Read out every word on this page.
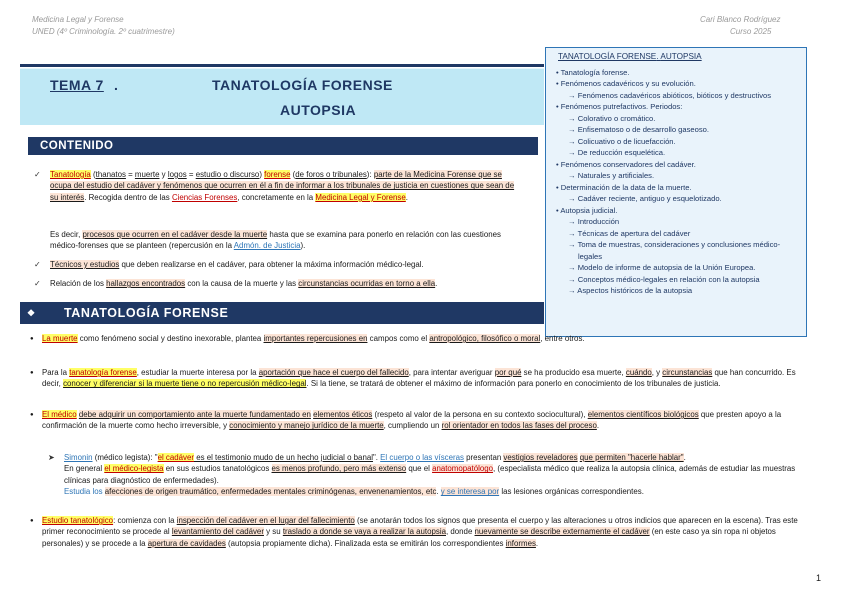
Medicina Legal y Forense
UNED (4º Criminología. 2º cuatrimestre)
Cari Blanco Rodríguez
Curso 2025
TEMA 7 .	TANATOLOGÍA FORENSE
AUTOPSIA
TANATOLOGÍA FORENSE. AUTOPSIA
• Tanatología forense.
• Fenómenos cadavéricos y su evolución.
→ Fenómenos cadavéricos abióticos, bióticos y destructivos
• Fenómenos putrefactivos. Periodos:
→ Colorativo o cromático.
→ Enfisematoso o de desarrollo gaseoso.
→ Colicuativo o de licuefacción.
→ De reducción esquelética.
• Fenómenos conservadores del cadáver.
→ Naturales y artificiales.
• Determinación de la data de la muerte.
→ Cadáver reciente, antiguo y esquelotizado.
• Autopsia judicial.
→ Introducción
→ Técnicas de apertura del cadáver
→ Toma de muestras, consideraciones y conclusiones médico-legales
→ Modelo de informe de autopsia de la Unión Europea.
→ Conceptos médico-legales en relación con la autopsia
→ Aspectos históricos de la autopsia
CONTENIDO
✓ Tanatología (thanatos = muerte y logos = estudio o discurso) forense (de foros o tribunales): parte de la Medicina Forense que se ocupa del estudio del cadáver y fenómenos que ocurren en él a fin de informar a los tribunales de justicia en cuestiones que sean de su interés. Recogida dentro de las Ciencias Forenses, concretamente en la Medicina Legal y Forense.
Es decir, procesos que ocurren en el cadáver desde la muerte hasta que se examina para ponerlo en relación con las cuestiones médico-forenses que se planteen (repercusión en la Admón. de Justicia).
✓ Técnicos y estudios que deben realizarse en el cadáver, para obtener la máxima información médico-legal.
✓ Relación de los hallazgos encontrados con la causa de la muerte y las circunstancias ocurridas en torno a ella.
❖ TANATOLOGÍA FORENSE
● La muerte como fenómeno social y destino inexorable, plantea importantes repercusiones en campos como el antropológico, filosófico o moral, entre otros.
● Para la tanatología forense, estudiar la muerte interesa por la aportación que hace el cuerpo del fallecido, para intentar averiguar por qué se ha producido esa muerte, cuándo, y circunstancias que han concurrido. Es decir, conocer y diferenciar si la muerte tiene o no repercusión médico-legal. Si la tiene, se tratará de obtener el máximo de información para ponerlo en conocimiento de los tribunales de justicia.
● El médico debe adquirir un comportamiento ante la muerte fundamentado en elementos éticos (respeto al valor de la persona en su contexto sociocultural), elementos científicos biológicos que presten apoyo a la confirmación de la muerte como hecho irreversible, y conocimiento y manejo jurídico de la muerte, cumpliendo un rol orientador en todos las fases del proceso.
➤ Simonin (médico legista): "el cadáver es el testimonio mudo de un hecho judicial o banal". El cuerpo o las vísceras presentan vestigios reveladores que permiten "hacerle hablar".
En general el médico-legista en sus estudios tanatológicos es menos profundo, pero más extenso que el anatomopatólogo, (especialista médico que realiza la autopsia clínica, además de estudiar las muestras clínicas para diagnóstico de enfermedades).
Estudia los afecciones de origen traumático, enfermedades mentales criminógenas, envenenamientos, etc. y se interesa por las lesiones orgánicas correspondientes.
● Estudio tanatológico: comienza con la inspección del cadáver en el lugar del fallecimiento (se anotarán todos los signos que presenta el cuerpo y las alteraciones u otros indicios que aparecen en la escena). Tras este primer reconocimiento se procede al levantamiento del cadáver y su traslado a donde se vaya a realizar la autopsia, donde nuevamente se describe externamente el cadáver (en este caso ya sin ropa ni objetos personales) y se procede a la apertura de cavidades (autopsia propiamente dicha). Finalizada esta se emitirán los correspondientes informes.
1
